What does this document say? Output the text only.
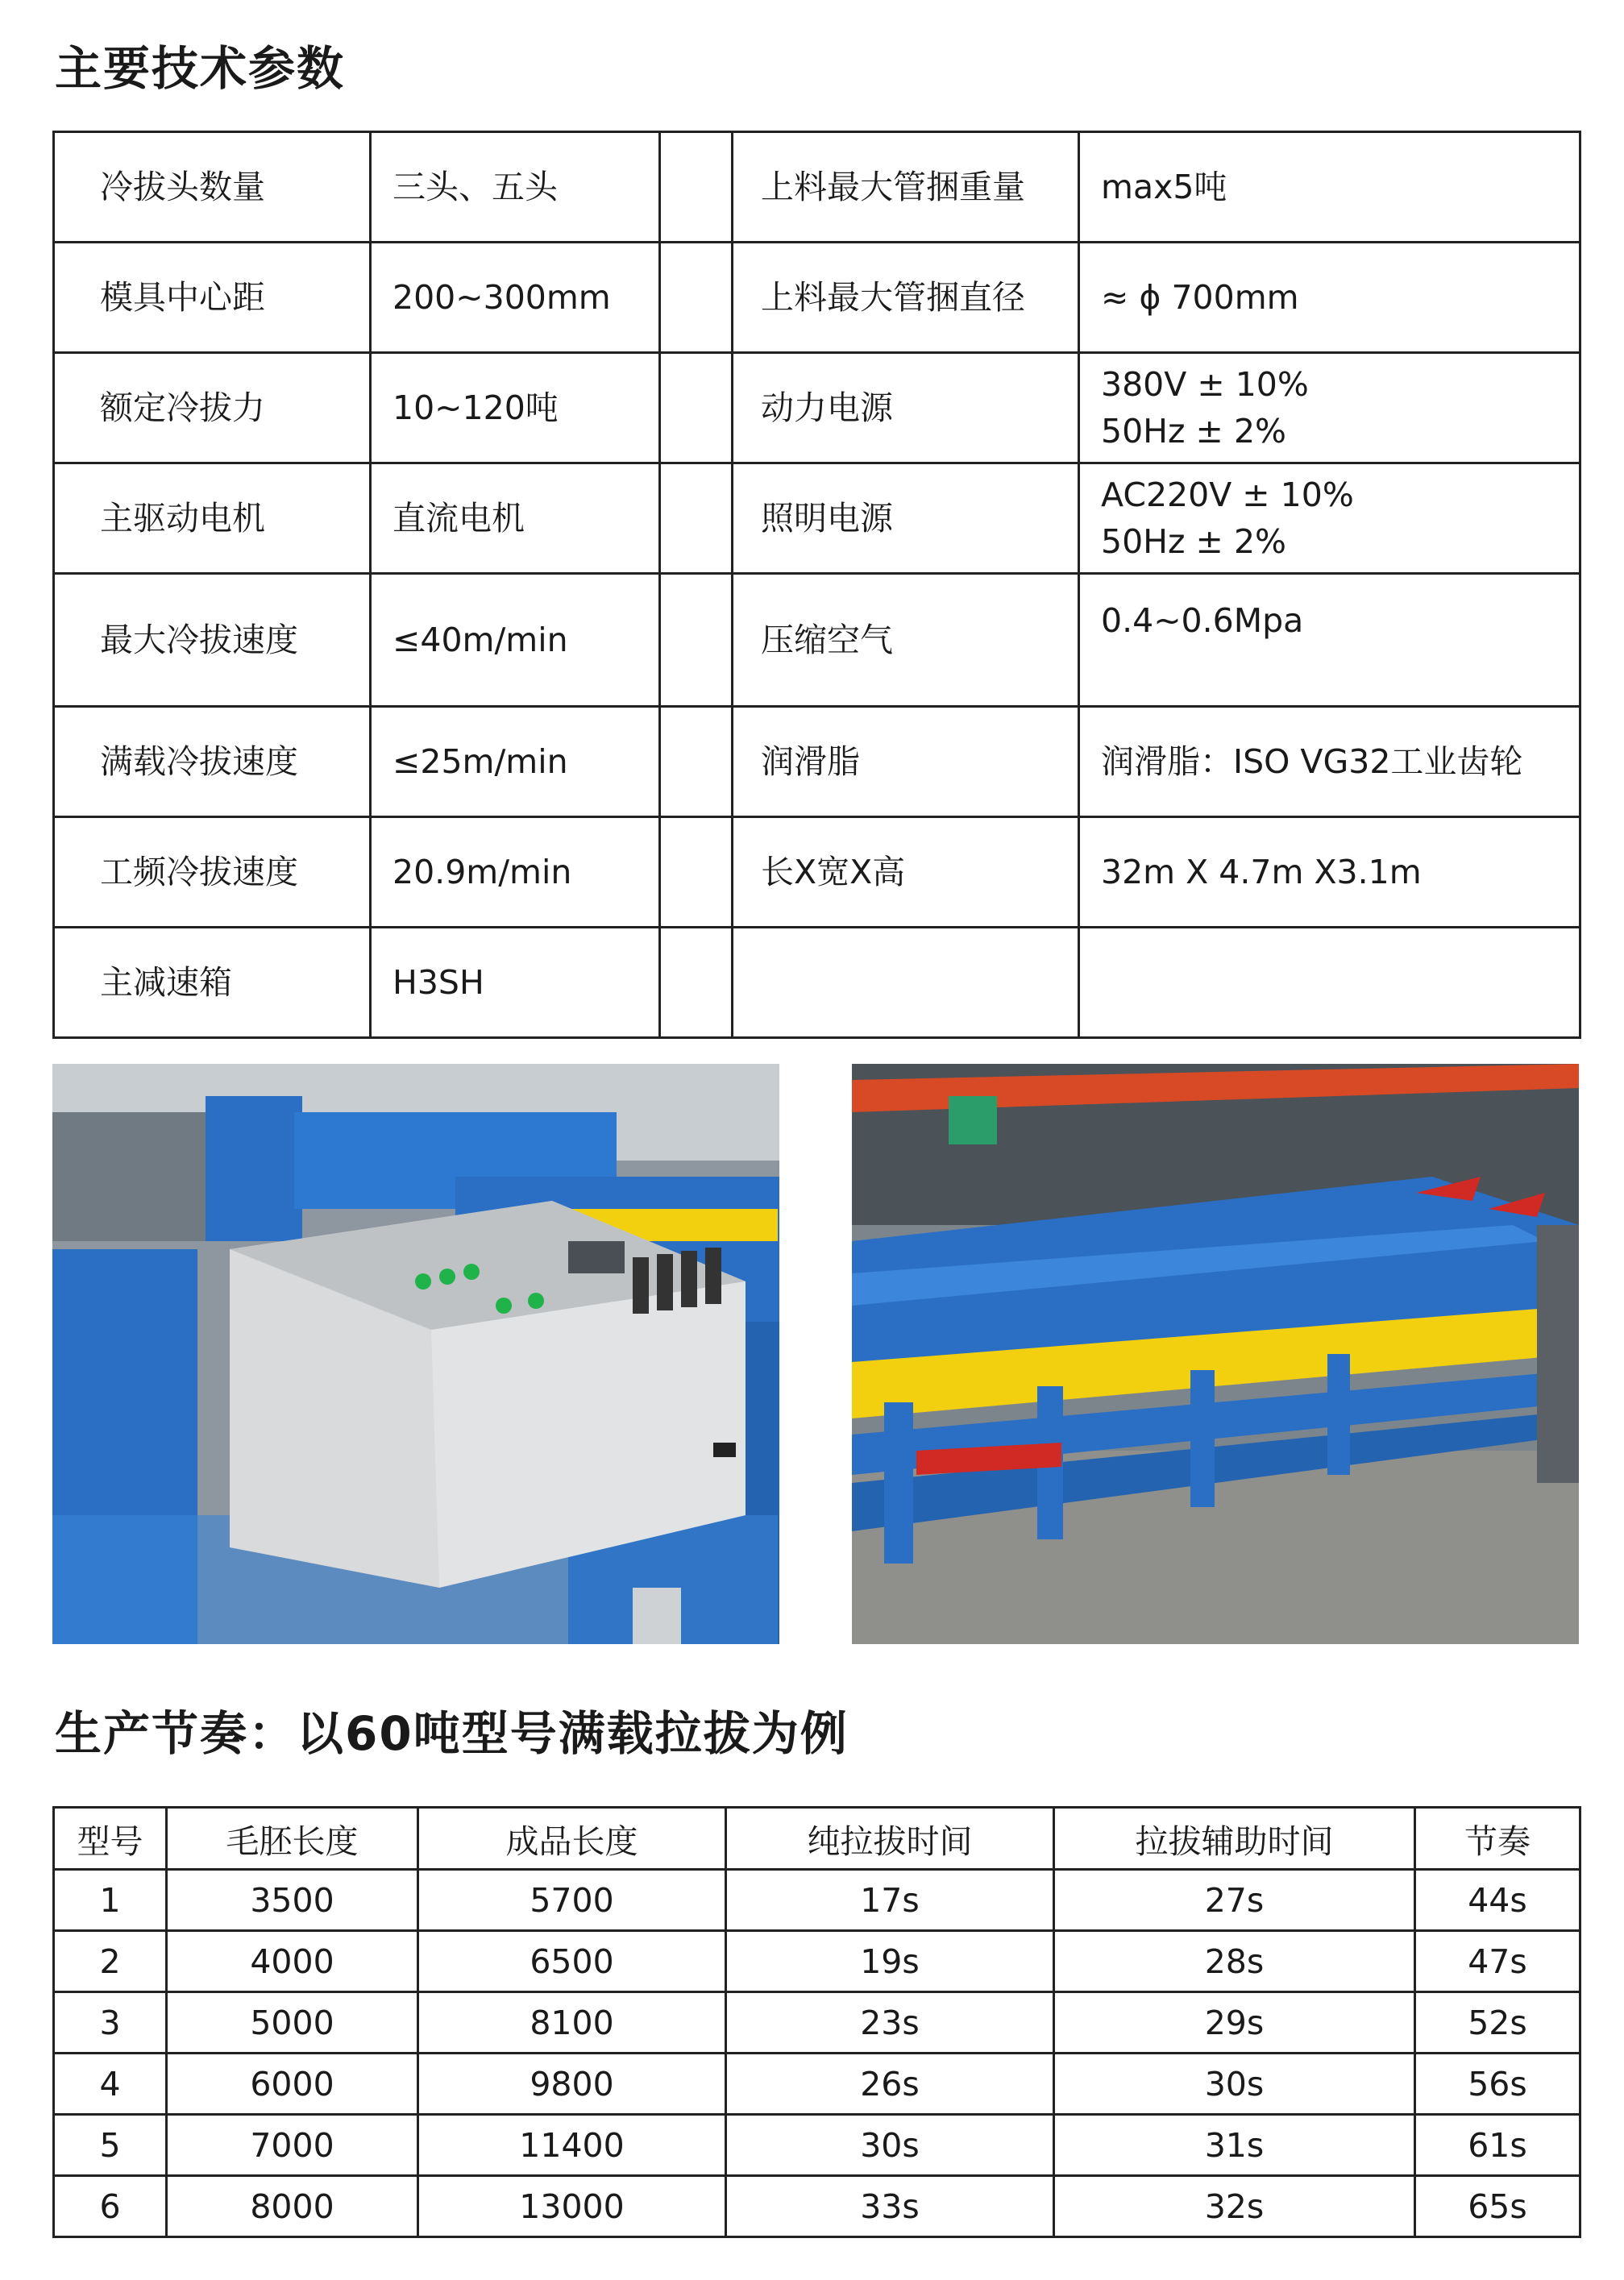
主要技术参数
冷拔头数量	三头、五头		上料最大管捆重量	max5吨

模具中心距	200~300mm		上料最大管捆直径	≈ ϕ 700mm

额定冷拔力	10~120吨		动力电源	380V ± 10%
50Hz ± 2%

主驱动电机	直流电机		照明电源	AC220V ± 10%
50Hz ± 2%

最大冷拔速度	≤40m/min		压缩空气	0.4~0.6Mpa

满载冷拔速度	≤25m/min		润滑脂	润滑脂：ISO VG32工业齿轮

工频冷拔速度	20.9m/min		长X宽X高	32m X 4.7m X3.1m

主减速箱	H3SH			
生产节奏：以60吨型号满载拉拔为例
型号	毛胚长度	成品长度	纯拉拔时间	拉拔辅助时间	节奏
1	3500	5700	17s	27s	44s
2	4000	6500	19s	28s	47s
3	5000	8100	23s	29s	52s
4	6000	9800	26s	30s	56s
5	7000	11400	30s	31s	61s
6	8000	13000	33s	32s	65s
